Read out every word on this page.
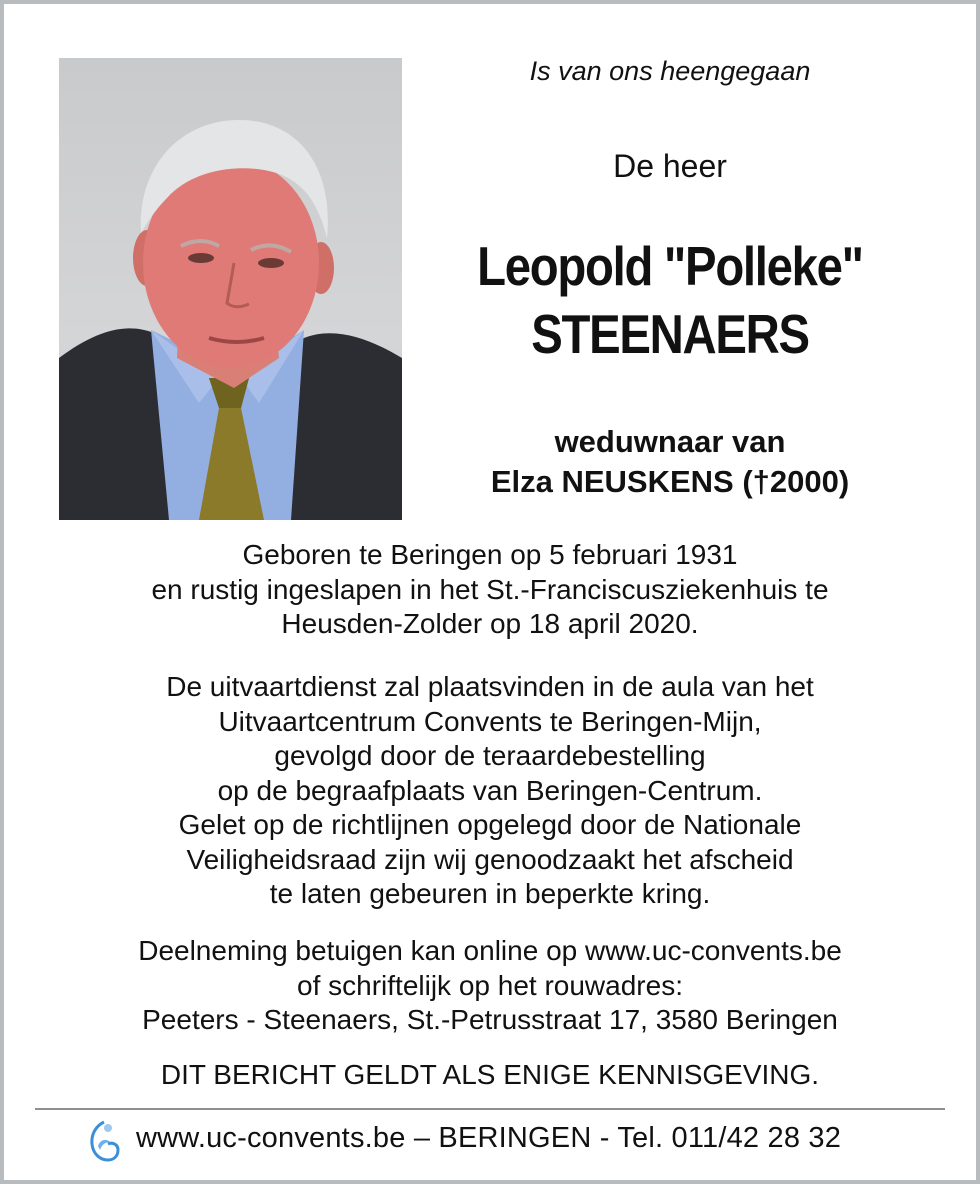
Is van ons heengegaan
De heer
Leopold "Polleke"
STEENAERS
weduwnaar van
Elza NEUSKENS (†2000)
Geboren te Beringen op 5 februari 1931
en rustig ingeslapen in het St.-Franciscusziekenhuis te
Heusden-Zolder op 18 april 2020.
De uitvaartdienst zal plaatsvinden in de aula van het
Uitvaartcentrum Convents te Beringen-Mijn,
gevolgd door de teraardebestelling
op de begraafplaats van Beringen-Centrum.
Gelet op de richtlijnen opgelegd door de Nationale
Veiligheidsraad zijn wij genoodzaakt het afscheid
te laten gebeuren in beperkte kring.
Deelneming betuigen kan online op www.uc-convents.be
of schriftelijk op het rouwadres:
Peeters - Steenaers, St.-Petrusstraat 17, 3580 Beringen
DIT BERICHT GELDT ALS ENIGE KENNISGEVING.
www.uc-convents.be – BERINGEN - Tel. 011/42 28 32
